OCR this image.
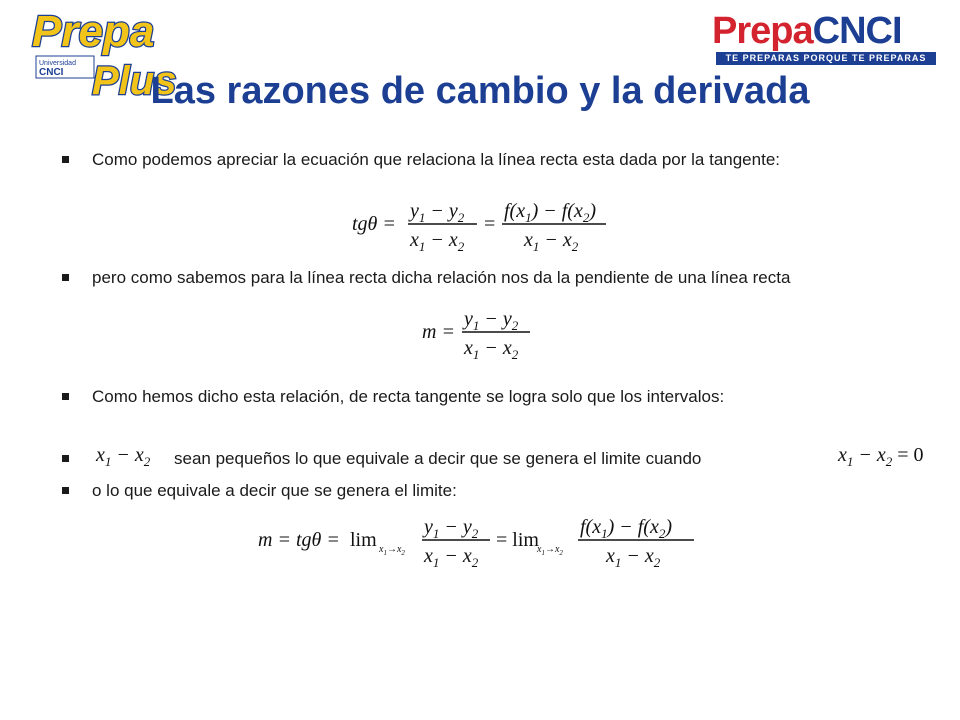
Prepa
Universidad
CNCI Plus
PrepaCNCI
TE PREPARAS PORQUE TE PREPARAS
Las razones de cambio y la derivada
Como podemos apreciar la ecuación que relaciona la línea recta esta dada por la tangente:
tgθ =
$y_1 - y_2$
$x_1 - x_2$
=
$f(x_1) - f(x_2)$
$x_1 - x_2$
pero como sabemos para la línea recta dicha relación nos da la pendiente de una línea recta
m =
$y_1 - y_2$
$x_1 - x_2$
Como hemos dicho esta relación, de recta tangente se logra solo que los intervalos:
$x_1 - x_2$ sean pequeños lo que equivale a decir que se genera el limite cuando	$x_1 - x_2 = 0$
o lo que equivale a decir que se genera el limite:
$m = tg\theta = \lim x_1\to x_2$
$y_1 - y_2$
$x_1 - x_2$
= lim
$x_1\to x_2$
$f(x_1) - f(x_2)$
$x_1 - x_2$
